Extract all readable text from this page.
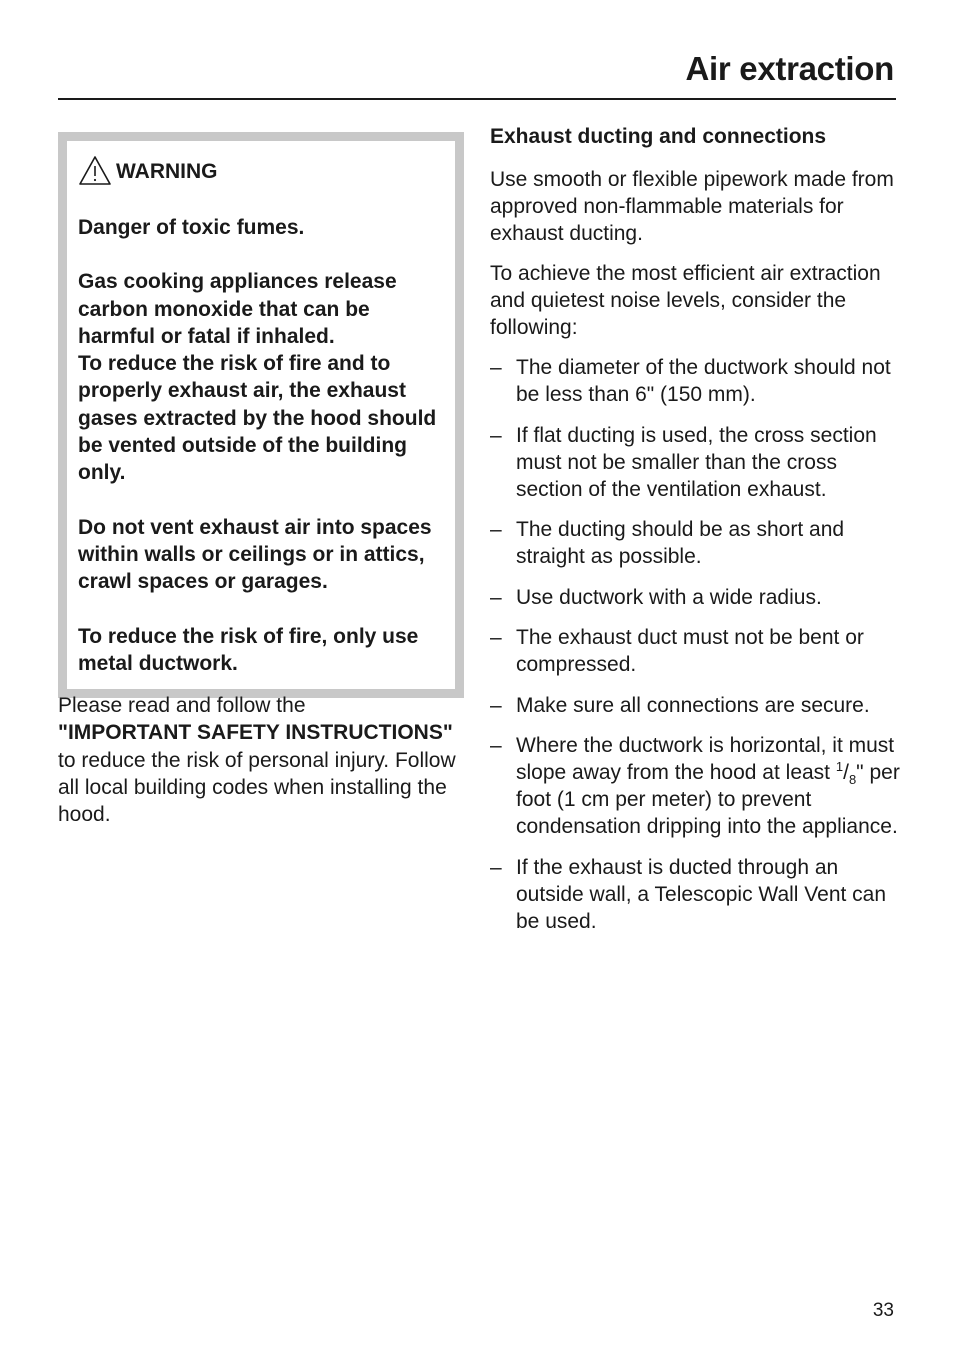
Air extraction
WARNING

Danger of toxic fumes.

Gas cooking appliances release carbon monoxide that can be harmful or fatal if inhaled.

To reduce the risk of fire and to properly exhaust air, the exhaust gases extracted by the hood should be vented outside of the building only.

Do not vent exhaust air into spaces within walls or ceilings or in attics, crawl spaces or garages.

To reduce the risk of fire, only use metal ductwork.

Please read and follow the
"IMPORTANT SAFETY INSTRUCTIONS" to reduce the risk of personal injury. Follow all local building codes when installing the hood.

Exhaust ducting and connections

Use smooth or flexible pipework made from approved non-flammable materials for exhaust ducting.

To achieve the most efficient air extraction and quietest noise levels, consider the following:

– The diameter of the ductwork should not be less than 6" (150 mm).
– If flat ducting is used, the cross section must not be smaller than the cross section of the ventilation exhaust.
– The ducting should be as short and straight as possible.
– Use ductwork with a wide radius.
– The exhaust duct must not be bent or compressed.
– Make sure all connections are secure.
– Where the ductwork is horizontal, it must slope away from the hood at least $^1/_8$" per foot (1 cm per meter) to prevent condensation dripping into the appliance.
– If the exhaust is ducted through an outside wall, a Telescopic Wall Vent can be used.
33
